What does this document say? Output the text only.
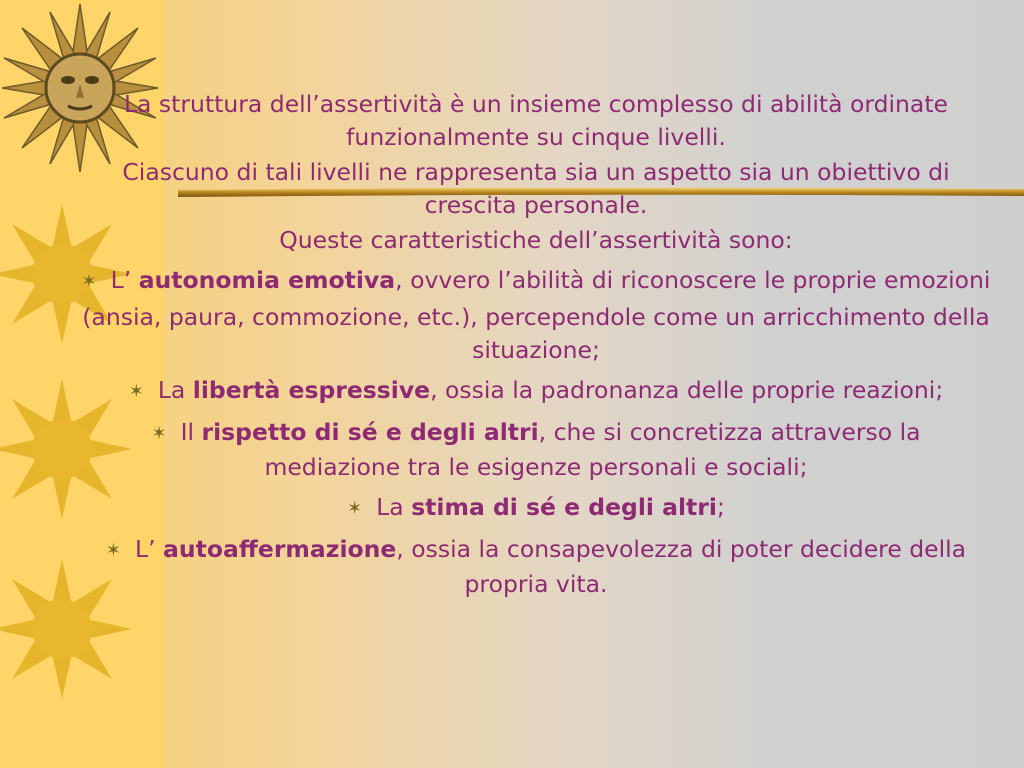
La struttura dell’assertività è un insieme complesso di abilità ordinate funzionalmente su cinque livelli.

Ciascuno di tali livelli ne rappresenta sia un aspetto sia un obiettivo di crescita personale.

Queste caratteristiche dell’assertività sono:

✶ L’ autonomia emotiva, ovvero l’abilità di riconoscere le proprie emozioni

(ansia, paura, commozione, etc.), percependole come un arricchimento della situazione;

✶ La libertà espressive, ossia la padronanza delle proprie reazioni;

✶ Il rispetto di sé e degli altri, che si concretizza attraverso la mediazione tra le esigenze personali e sociali;

✶ La stima di sé e degli altri;

✶ L’ autoaffermazione, ossia la consapevolezza di poter decidere della propria vita.
